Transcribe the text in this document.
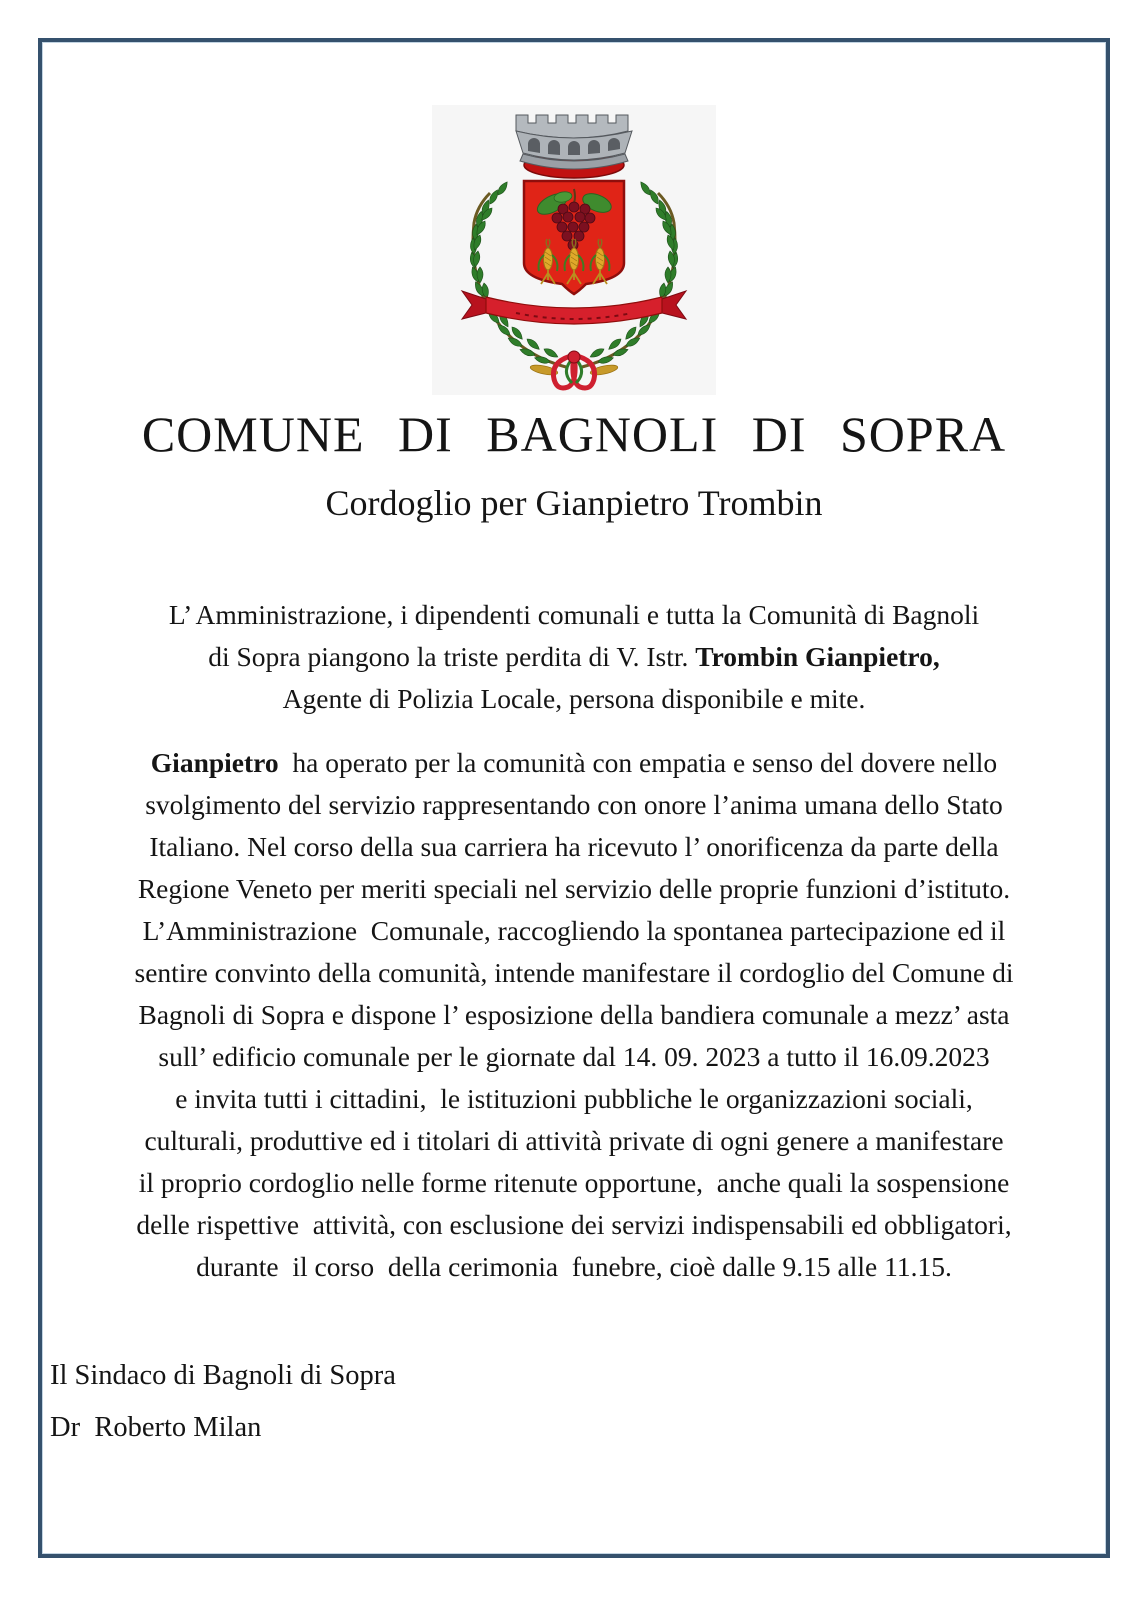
COMUNE DI BAGNOLI DI SOPRA
Cordoglio per Gianpietro Trombin
L’ Amministrazione, i dipendenti comunali e tutta la Comunità di Bagnoli
di Sopra piangono la triste perdita di V. Istr. Trombin Gianpietro,
Agente di Polizia Locale, persona disponibile e mite.
Gianpietro  ha operato per la comunità con empatia e senso del dovere nello
svolgimento del servizio rappresentando con onore l’anima umana dello Stato
Italiano. Nel corso della sua carriera ha ricevuto l’ onorificenza da parte della
Regione Veneto per meriti speciali nel servizio delle proprie funzioni d’istituto.
L’Amministrazione  Comunale, raccogliendo la spontanea partecipazione ed il
sentire convinto della comunità, intende manifestare il cordoglio del Comune di
Bagnoli di Sopra e dispone l’ esposizione della bandiera comunale a mezz’ asta
sull’ edificio comunale per le giornate dal 14. 09. 2023 a tutto il 16.09.2023
e invita tutti i cittadini,  le istituzioni pubbliche le organizzazioni sociali,
culturali, produttive ed i titolari di attività private di ogni genere a manifestare
il proprio cordoglio nelle forme ritenute opportune,  anche quali la sospensione
delle rispettive  attività, con esclusione dei servizi indispensabili ed obbligatori,
durante  il corso  della cerimonia  funebre, cioè dalle 9.15 alle 11.15.
Il Sindaco di Bagnoli di Sopra
Dr  Roberto Milan
